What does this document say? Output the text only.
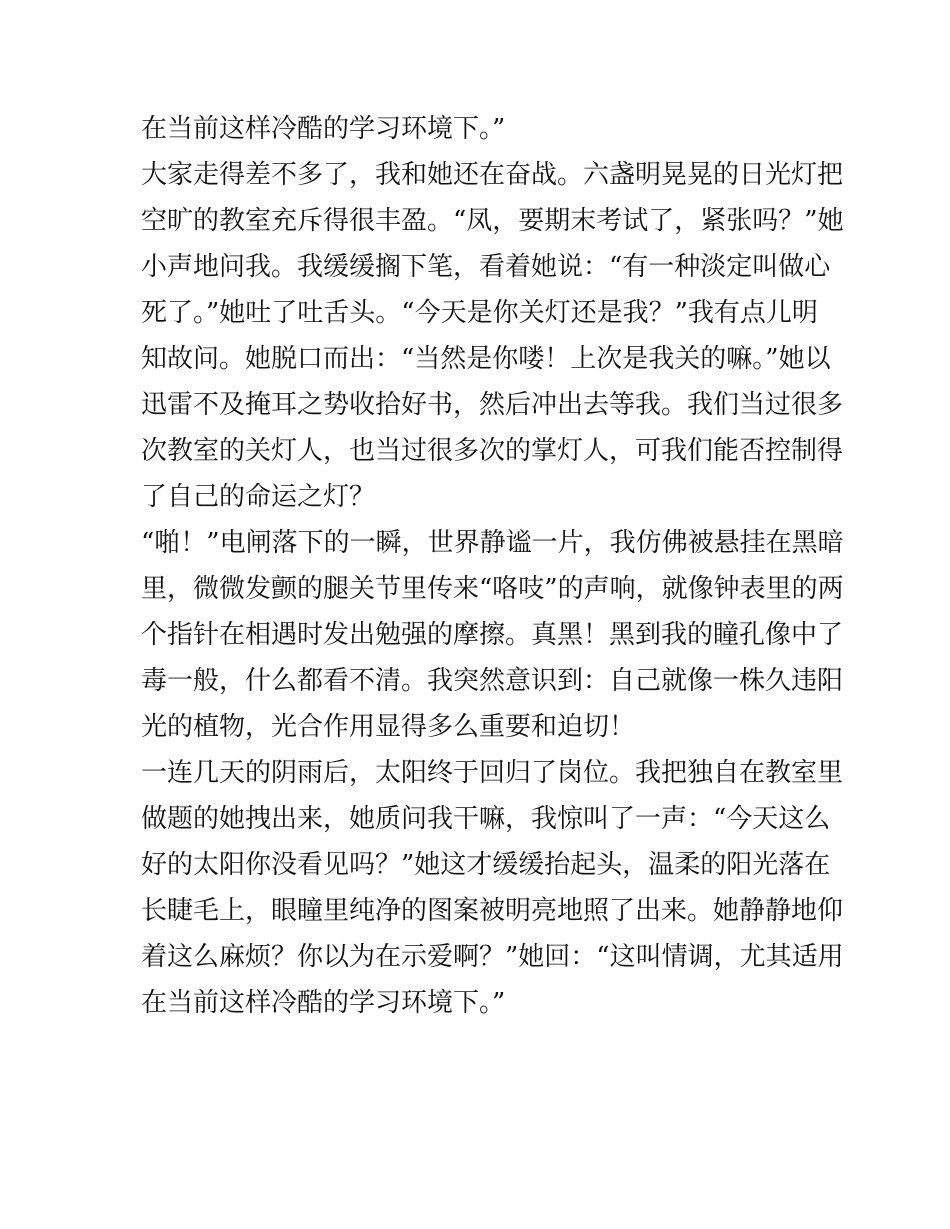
在当前这样冷酷的学习环境下。”
大家走得差不多了，我和她还在奋战。六盏明晃晃的日光灯把
空旷的教室充斥得很丰盈。“凤，要期末考试了，紧张吗？”她
小声地问我。我缓缓搁下笔，看着她说：“有一种淡定叫做心
死了。”她吐了吐舌头。“今天是你关灯还是我？”我有点儿明
知故问。她脱口而出：“当然是你喽！上次是我关的嘛。”她以
迅雷不及掩耳之势收拾好书，然后冲出去等我。我们当过很多
次教室的关灯人，也当过很多次的掌灯人，可我们能否控制得
了自己的命运之灯？
“啪！”电闸落下的一瞬，世界静谧一片，我仿佛被悬挂在黑暗
里，微微发颤的腿关节里传来“咯吱”的声响，就像钟表里的两
个指针在相遇时发出勉强的摩擦。真黑！黑到我的瞳孔像中了
毒一般，什么都看不清。我突然意识到：自己就像一株久违阳
光的植物，光合作用显得多么重要和迫切！
一连几天的阴雨后，太阳终于回归了岗位。我把独自在教室里
做题的她拽出来，她质问我干嘛，我惊叫了一声：“今天这么
好的太阳你没看见吗？”她这才缓缓抬起头，温柔的阳光落在
长睫毛上，眼瞳里纯净的图案被明亮地照了出来。她静静地仰
着这么麻烦？你以为在示爱啊？”她回：“这叫情调，尤其适用
在当前这样冷酷的学习环境下。”
